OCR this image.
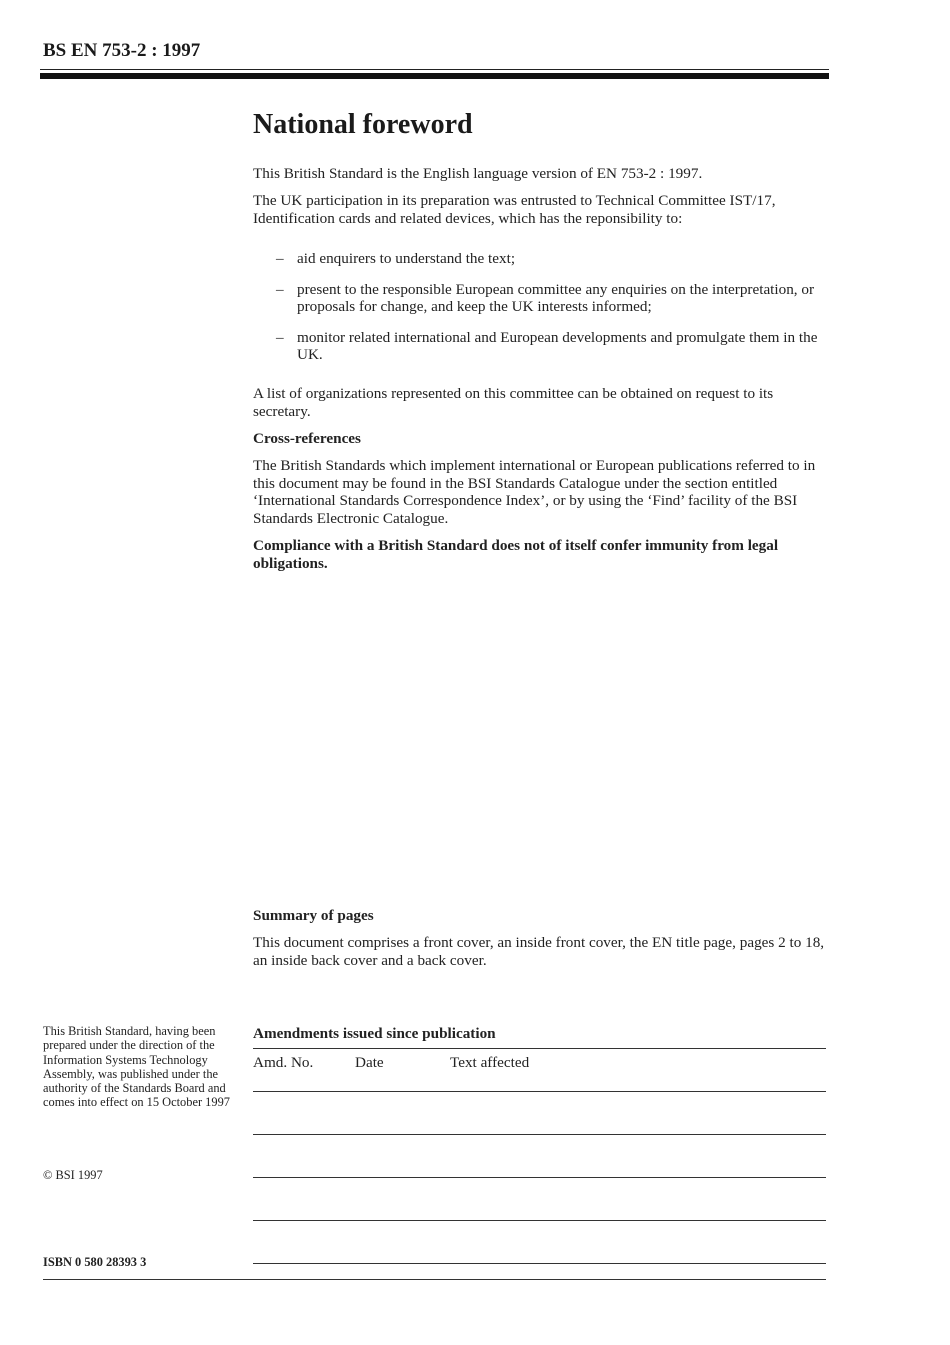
BS EN 753-2 : 1997

National foreword

This British Standard is the English language version of EN 753-2 : 1997.

The UK participation in its preparation was entrusted to Technical Committee IST/17, Identification cards and related devices, which has the reponsibility to:

– aid enquirers to understand the text;
– present to the responsible European committee any enquiries on the interpretation, or proposals for change, and keep the UK interests informed;
– monitor related international and European developments and promulgate them in the UK.

A list of organizations represented on this committee can be obtained on request to its secretary.

Cross-references

The British Standards which implement international or European publications referred to in this document may be found in the BSI Standards Catalogue under the section entitled ‘International Standards Correspondence Index’, or by using the ‘Find’ facility of the BSI Standards Electronic Catalogue.

Compliance with a British Standard does not of itself confer immunity from legal obligations.

Summary of pages

This document comprises a front cover, an inside front cover, the EN title page, pages 2 to 18, an inside back cover and a back cover.

This British Standard, having been prepared under the direction of the Information Systems Technology Assembly, was published under the authority of the Standards Board and comes into effect on 15 October 1997

© BSI 1997

ISBN 0 580 28393 3

Amendments issued since publication

Amd. No.	Date	Text affected
